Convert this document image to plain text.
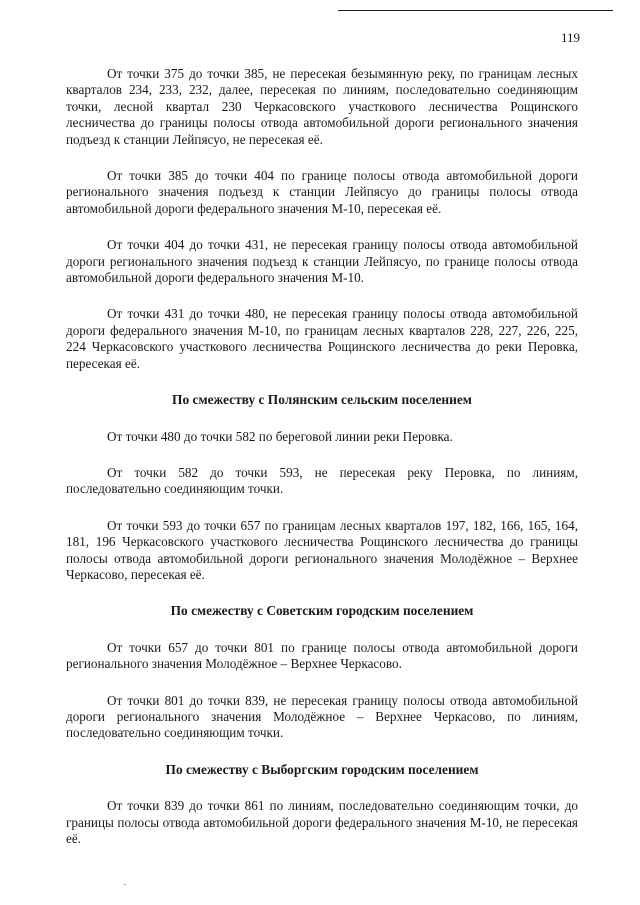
119

От точки 375 до точки 385, не пересекая безымянную реку, по границам лесных кварталов 234, 233, 232, далее, пересекая по линиям, последовательно соединяющим точки, лесной квартал 230 Черкасовского участкового лесничества Рощинского лесничества до границы полосы отвода автомобильной дороги регионального значения подъезд к станции Лейпясуо, не пересекая её.

От точки 385 до точки 404 по границе полосы отвода автомобильной дороги регионального значения подъезд к станции Лейпясуо до границы полосы отвода автомобильной дороги федерального значения М-10, пересекая её.

От точки 404 до точки 431, не пересекая границу полосы отвода автомобильной дороги регионального значения подъезд к станции Лейпясуо, по границе полосы отвода автомобильной дороги федерального значения М-10.

От точки 431 до точки 480, не пересекая границу полосы отвода автомобильной дороги федерального значения М-10, по границам лесных кварталов 228, 227, 226, 225, 224 Черкасовского участкового лесничества Рощинского лесничества до реки Перовка, пересекая её.

По смежеству с Полянским сельским поселением

От точки 480 до точки 582 по береговой линии реки Перовка.

От точки 582 до точки 593, не пересекая реку Перовка, по линиям, последовательно соединяющим точки.

От точки 593 до точки 657 по границам лесных кварталов 197, 182, 166, 165, 164, 181, 196 Черкасовского участкового лесничества Рощинского лесничества до границы полосы отвода автомобильной дороги регионального значения Молодёжное – Верхнее Черкасово, пересекая её.

По смежеству с Советским городским поселением

От точки 657 до точки 801 по границе полосы отвода автомобильной дороги регионального значения Молодёжное – Верхнее Черкасово.

От точки 801 до точки 839, не пересекая границу полосы отвода автомобильной дороги регионального значения Молодёжное – Верхнее Черкасово, по линиям, последовательно соединяющим точки.

По смежеству с Выборгским городским поселением

От точки 839 до точки 861 по линиям, последовательно соединяющим точки, до границы полосы отвода автомобильной дороги федерального значения М-10, не пересекая её.
